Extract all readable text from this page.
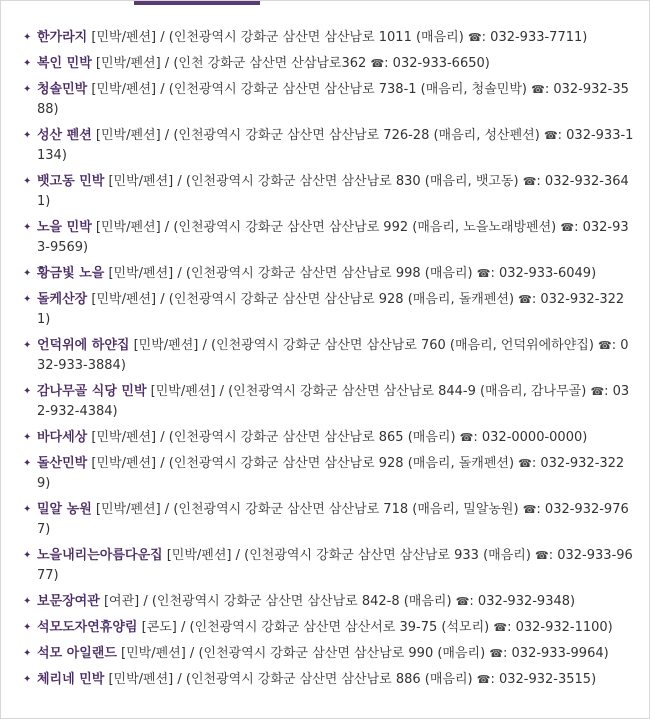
✦ 한가라지 [민박/펜션] / (인천광역시 강화군 삼산면 삼산남로 1011 (매음리) ☎: 032-933-7711)
✦ 복인 민박 [민박/펜션] / (인천 강화군 삼산면 산삼남로362 ☎: 032-933-6650)
✦ 청솔민박 [민박/펜션] / (인천광역시 강화군 삼산면 삼산남로 738-1 (매음리, 청솔민박) ☎: 032-932-3588)
✦ 성산 펜션 [민박/펜션] / (인천광역시 강화군 삼산면 삼산남로 726-28 (매음리, 성산펜션) ☎: 032-933-1134)
✦ 뱃고동 민박 [민박/펜션] / (인천광역시 강화군 삼산면 삼산남로 830 (매음리, 뱃고동) ☎: 032-932-3641)
✦ 노을 민박 [민박/펜션] / (인천광역시 강화군 삼산면 삼산남로 992 (매음리, 노을노래방펜션) ☎: 032-933-9569)
✦ 황금빛 노을 [민박/펜션] / (인천광역시 강화군 삼산면 삼산남로 998 (매음리) ☎: 032-933-6049)
✦ 돌케산장 [민박/펜션] / (인천광역시 강화군 삼산면 삼산남로 928 (매음리, 돌캐펜션) ☎: 032-932-3221)
✦ 언덕위에 하얀집 [민박/펜션] / (인천광역시 강화군 삼산면 삼산남로 760 (매음리, 언덕위에하얀집) ☎: 032-933-3884)
✦ 감나무골 식당 민박 [민박/펜션] / (인천광역시 강화군 삼산면 삼산남로 844-9 (매음리, 감나무골) ☎: 032-932-4384)
✦ 바다세상 [민박/펜션] / (인천광역시 강화군 삼산면 삼산남로 865 (매음리) ☎: 032-0000-0000)
✦ 돌산민박 [민박/펜션] / (인천광역시 강화군 삼산면 삼산남로 928 (매음리, 돌캐펜션) ☎: 032-932-3229)
✦ 밀알 농원 [민박/펜션] / (인천광역시 강화군 삼산면 삼산남로 718 (매음리, 밀알농원) ☎: 032-932-9767)
✦ 노을내리는아름다운집 [민박/펜션] / (인천광역시 강화군 삼산면 삼산남로 933 (매음리) ☎: 032-933-9677)
✦ 보문장여관 [여관] / (인천광역시 강화군 삼산면 삼산남로 842-8 (매음리) ☎: 032-932-9348)
✦ 석모도자연휴양림 [콘도] / (인천광역시 강화군 삼산면 삼산서로 39-75 (석모리) ☎: 032-932-1100)
✦ 석모 아일랜드 [민박/펜션] / (인천광역시 강화군 삼산면 삼산남로 990 (매음리) ☎: 032-933-9964)
✦ 체리네 민박 [민박/펜션] / (인천광역시 강화군 삼산면 삼산남로 886 (매음리) ☎: 032-932-3515)
